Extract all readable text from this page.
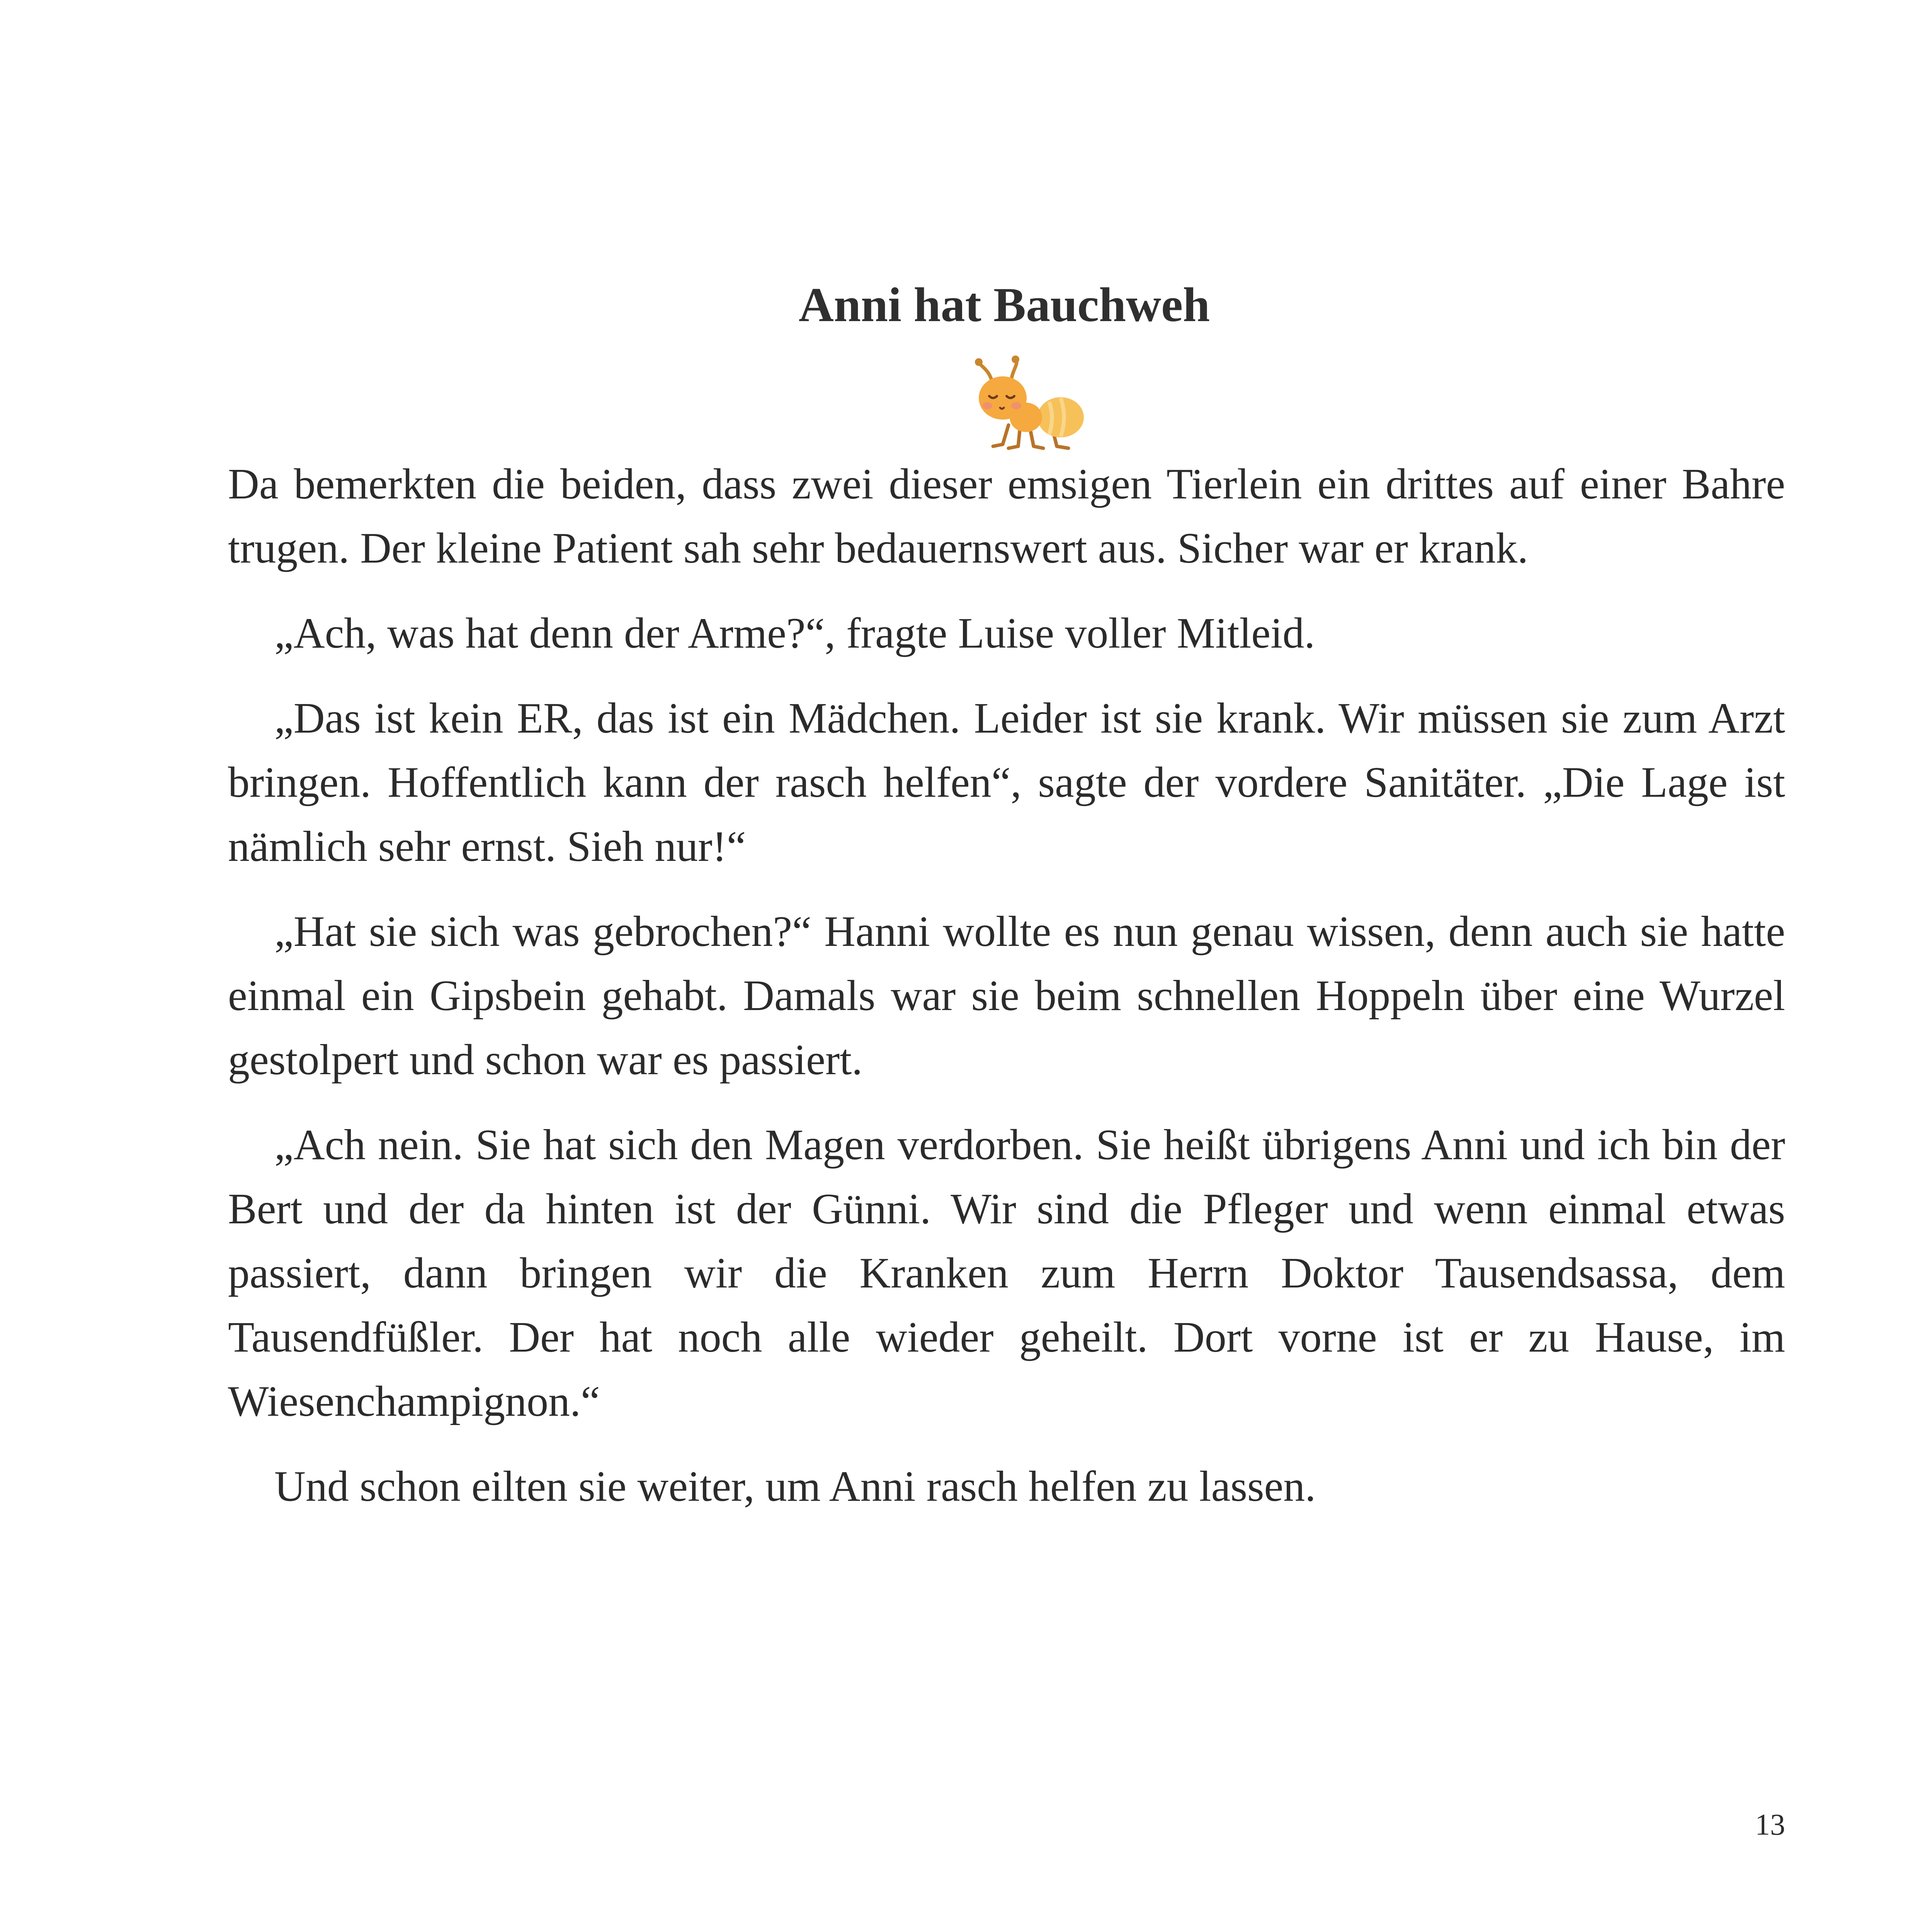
Anni hat Bauchweh

Da bemerkten die beiden, dass zwei dieser emsigen Tierlein ein drittes auf einer Bahre trugen. Der kleine Patient sah sehr bedauernswert aus. Sicher war er krank.

„Ach, was hat denn der Arme?“, fragte Luise voller Mitleid.

„Das ist kein ER, das ist ein Mädchen. Leider ist sie krank. Wir müssen sie zum Arzt bringen. Hoffentlich kann der rasch helfen“, sagte der vordere Sanitäter. „Die Lage ist nämlich sehr ernst. Sieh nur!“

„Hat sie sich was gebrochen?“ Hanni wollte es nun genau wissen, denn auch sie hatte einmal ein Gipsbein gehabt. Damals war sie beim schnellen Hoppeln über eine Wurzel gestolpert und schon war es passiert.

„Ach nein. Sie hat sich den Magen verdorben. Sie heißt übrigens Anni und ich bin der Bert und der da hinten ist der Günni. Wir sind die Pfleger und wenn einmal etwas passiert, dann bringen wir die Kranken zum Herrn Doktor Tausendsassa, dem Tausendfüßler. Der hat noch alle wieder geheilt. Dort vorne ist er zu Hause, im Wiesenchampignon.“

Und schon eilten sie weiter, um Anni rasch helfen zu lassen.

13
